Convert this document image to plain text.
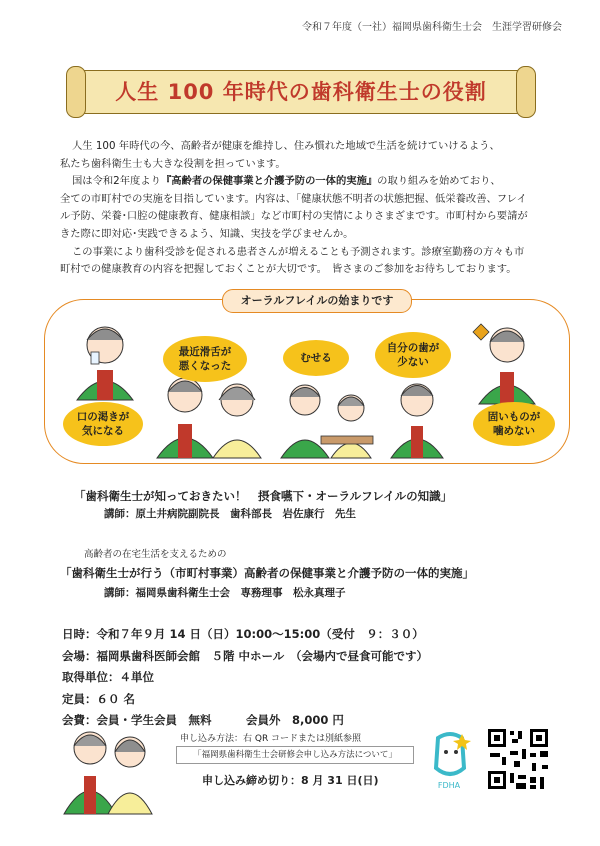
令和７年度（一社）福岡県歯科衛生士会　生涯学習研修会
人生 100 年時代の歯科衛生士の役割

人生 100 年時代の今、高齢者が健康を維持し、住み慣れた地域で生活を続けていけるよう、

私たち歯科衛生士も大きな役割を担っています。

国は令和2年度より『高齢者の保健事業と介護予防の一体的実施』の取り組みを始めており、

全ての市町村での実施を目指しています。内容は、「健康状態不明者の状態把握、低栄養改善、フレイ

ル予防、栄養･口腔の健康教育、健康相談」など市町村の実情によりさまざまです。市町村から要請が

きた際に即対応･実践できるよう、知識、実技を学びませんか。

この事業により歯科受診を促される患者さんが増えることも予測されます。診療室勤務の方々も市

町村での健康教育の内容を把握しておくことが大切です。　皆さまのご参加をお待ちしております。

口の渇きが
気になる
最近滑舌が
悪くなった
むせる
自分の歯が
少ない
固いものが
噛めない
オーラルフレイルの始まりです
「歯科衛生士が知っておきたい！　摂食嚥下・オーラルフレイルの知識」
講師：原土井病院副院長　歯科部長　岩佐康行　先生
高齢者の在宅生活を支えるための
「歯科衛生士が行う（市町村事業）高齢者の保健事業と介護予防の一体的実施」
講師：福岡県歯科衛生士会　専務理事　松永真理子
日時：令和７年９月 14 日（日）10:00～15:00（受付　９：３０）
会場：福岡県歯科医師会館　５階 中ホール　（会場内で昼食可能です）
取得単位：４単位
定員：６０ 名
会費：会員・学生会員　無料　　　会員外　8,000 円
申し込み方法：右 QR コードまたは別紙参照
「福岡県歯科衛生士会研修会申し込み方法について」
申し込み締め切り：8 月 31 日(日)	FDHA
